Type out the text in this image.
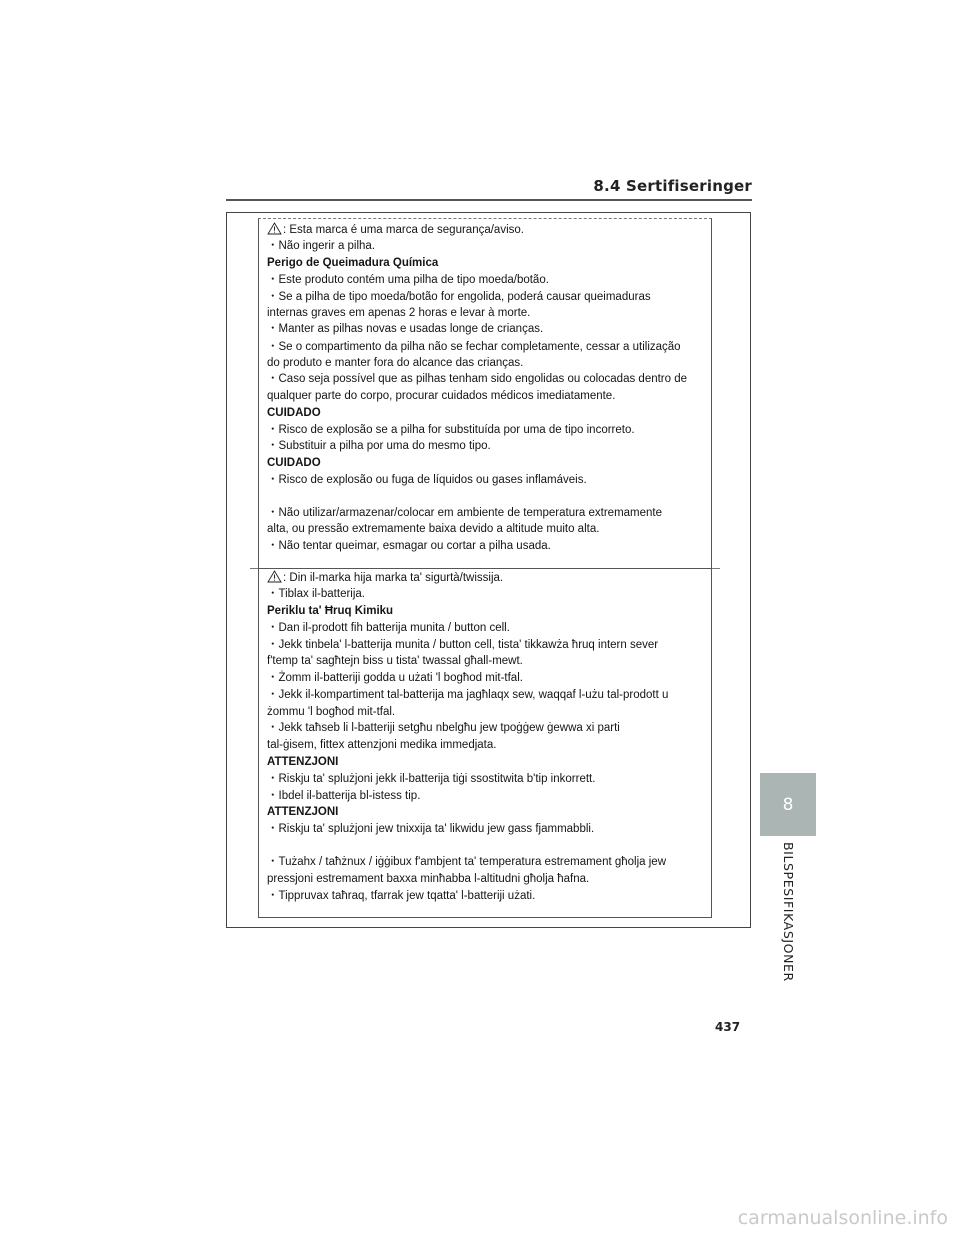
8.4 Sertifiseringer
: Esta marca é uma marca de segurança/aviso.
・Não ingerir a pilha.
Perigo de Queimadura Química
・Este produto contém uma pilha de tipo moeda/botão.
・Se a pilha de tipo moeda/botão for engolida, poderá causar queimaduras
internas graves em apenas 2 horas e levar à morte.
・Manter as pilhas novas e usadas longe de crianças.
・Se o compartimento da pilha não se fechar completamente, cessar a utilização
do produto e manter fora do alcance das crianças.
・Caso seja possível que as pilhas tenham sido engolidas ou colocadas dentro de
qualquer parte do corpo, procurar cuidados médicos imediatamente.
CUIDADO
・Risco de explosão se a pilha for substituída por uma de tipo incorreto.
・Substituir a pilha por uma do mesmo tipo.
CUIDADO
・Risco de explosão ou fuga de líquidos ou gases inflamáveis.
・Não utilizar/armazenar/colocar em ambiente de temperatura extremamente
alta, ou pressão extremamente baixa devido a altitude muito alta.
・Não tentar queimar, esmagar ou cortar a pilha usada.
: Din il-marka hija marka ta' sigurtà/twissija.
・Tiblax il-batterija.
Periklu ta' Ħruq Kimiku
・Dan il-prodott fih batterija munita / button cell.
・Jekk tinbela' l-batterija munita / button cell, tista' tikkawża ħruq intern sever
f'temp ta' sagħtejn biss u tista' twassal għall-mewt.
・Żomm il-batteriji godda u użati 'l bogħod mit-tfal.
・Jekk il-kompartiment tal-batterija ma jagħlaqx sew, waqqaf l-użu tal-prodott u
żommu 'l bogħod mit-tfal.
・Jekk taħseb li l-batteriji setgħu nbelgħu jew tpoġġew ġewwa xi parti
tal-ġisem, fittex attenzjoni medika immedjata.
ATTENZJONI
・Riskju ta' splużjoni jekk il-batterija tiġi ssostitwita b'tip inkorrett.
・Ibdel il-batterija bl-istess tip.
ATTENZJONI
・Riskju ta' splużjoni jew tnixxija ta' likwidu jew gass fjammabbli.
・Tużahx / taħżnux / iġġibux f'ambjent ta' temperatura estremament għolja jew
pressjoni estremament baxxa minħabba l-altitudni għolja ħafna.
・Tippruvax taħraq, tfarrak jew tqatta' l-batteriji użati.
8
BILSPESIFIKASJONER
437
carmanualsonline.info
